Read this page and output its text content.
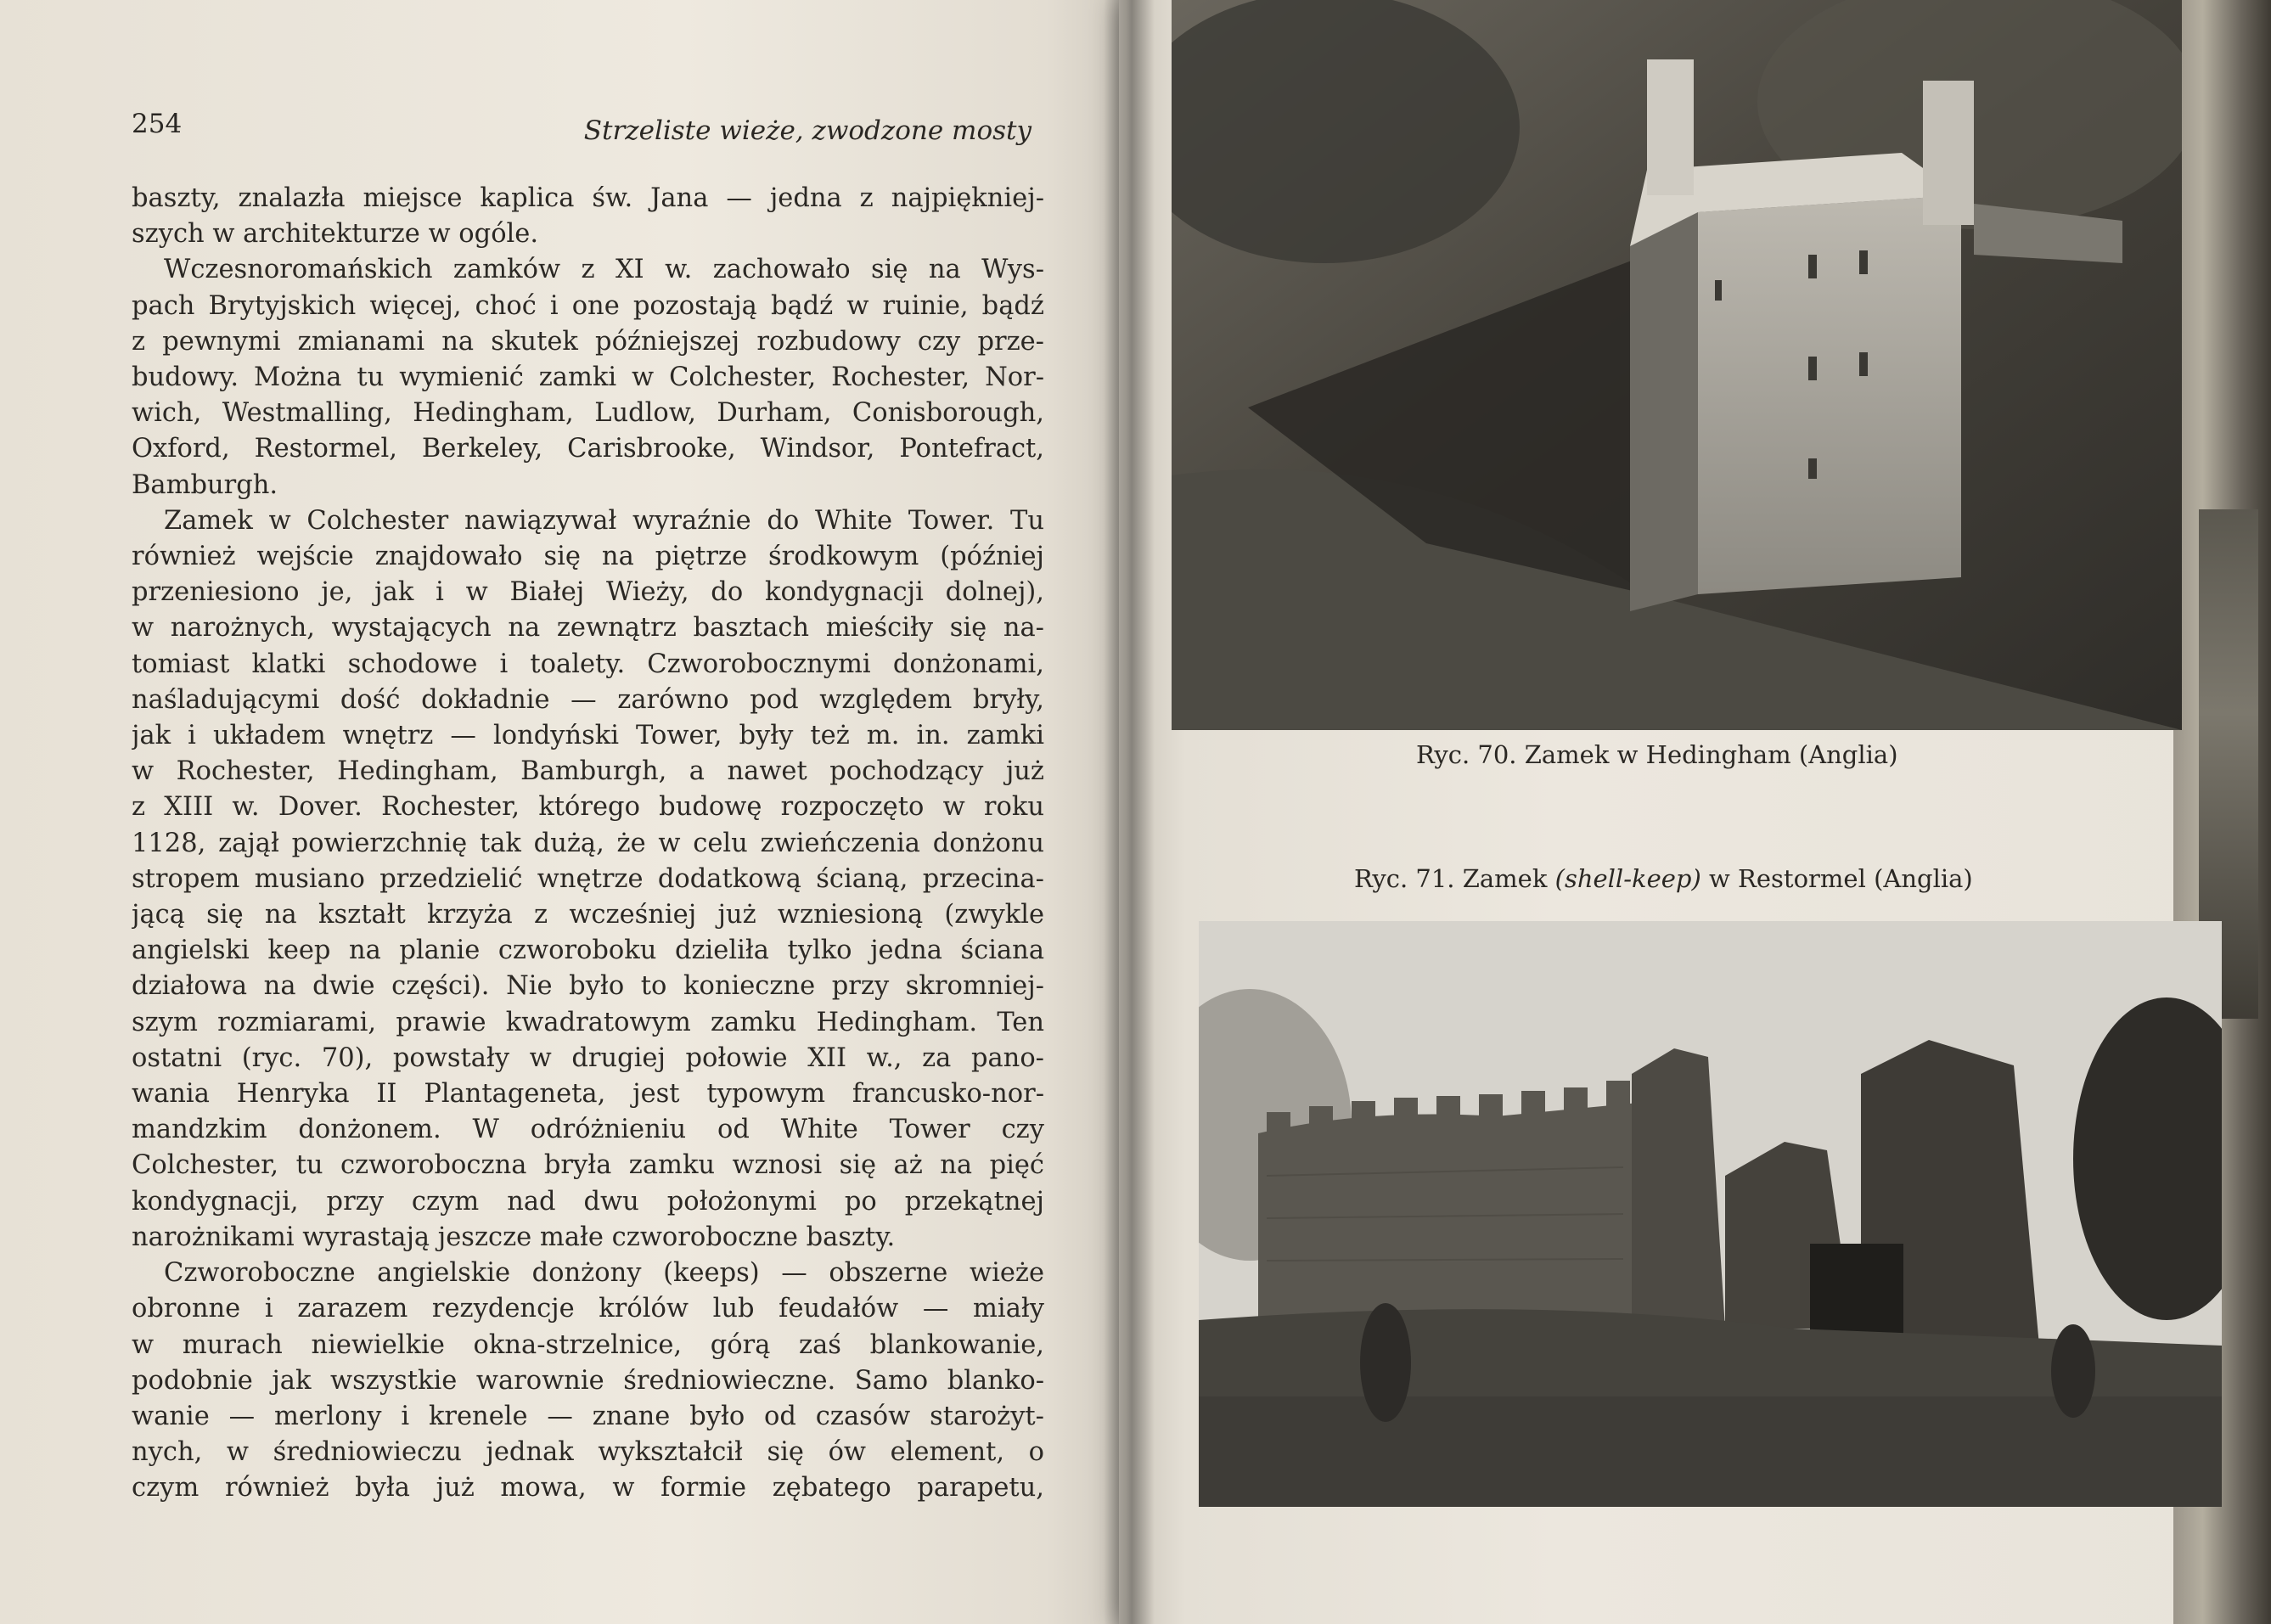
254	Strzeliste wieże, zwodzone mosty
baszty, znalazła miejsce kaplica św. Jana — jedna z najpiękniej-
szych w architekturze w ogóle.
Wczesnoromańskich zamków z XI w. zachowało się na Wys-
pach Brytyjskich więcej, choć i one pozostają bądź w ruinie, bądź
z pewnymi zmianami na skutek późniejszej rozbudowy czy prze-
budowy. Można tu wymienić zamki w Colchester, Rochester, Nor-
wich, Westmalling, Hedingham, Ludlow, Durham, Conisborough,
Oxford, Restormel, Berkeley, Carisbrooke, Windsor, Pontefract,
Bamburgh.
Zamek w Colchester nawiązywał wyraźnie do White Tower. Tu
również wejście znajdowało się na piętrze środkowym (później
przeniesiono je, jak i w Białej Wieży, do kondygnacji dolnej),
w narożnych, wystających na zewnątrz basztach mieściły się na-
tomiast klatki schodowe i toalety. Czworobocznymi donżonami,
naśladującymi dość dokładnie — zarówno pod względem bryły,
jak i układem wnętrz — londyński Tower, były też m. in. zamki
w Rochester, Hedingham, Bamburgh, a nawet pochodzący już
z XIII w. Dover. Rochester, którego budowę rozpoczęto w roku
1128, zajął powierzchnię tak dużą, że w celu zwieńczenia donżonu
stropem musiano przedzielić wnętrze dodatkową ścianą, przecina-
jącą się na kształt krzyża z wcześniej już wzniesioną (zwykle
angielski keep na planie czworoboku dzieliła tylko jedna ściana
działowa na dwie części). Nie było to konieczne przy skromniej-
szym rozmiarami, prawie kwadratowym zamku Hedingham. Ten
ostatni (ryc. 70), powstały w drugiej połowie XII w., za pano-
wania Henryka II Plantageneta, jest typowym francusko-nor-
mandzkim donżonem. W odróżnieniu od White Tower czy
Colchester, tu czworoboczna bryła zamku wznosi się aż na pięć
kondygnacji, przy czym nad dwu położonymi po przekątnej
narożnikami wyrastają jeszcze małe czworoboczne baszty.
Czworoboczne angielskie donżony (keeps) — obszerne wieże
obronne i zarazem rezydencje królów lub feudałów — miały
w murach niewielkie okna-strzelnice, górą zaś blankowanie,
podobnie jak wszystkie warownie średniowieczne. Samo blanko-
wanie — merlony i krenele — znane było od czasów starożyt-
nych, w średniowieczu jednak wykształcił się ów element, o
czym również była już mowa, w formie zębatego parapetu,
Ryc. 70. Zamek w Hedingham (Anglia)
Ryc. 71. Zamek (shell-keep) w Restormel (Anglia)
